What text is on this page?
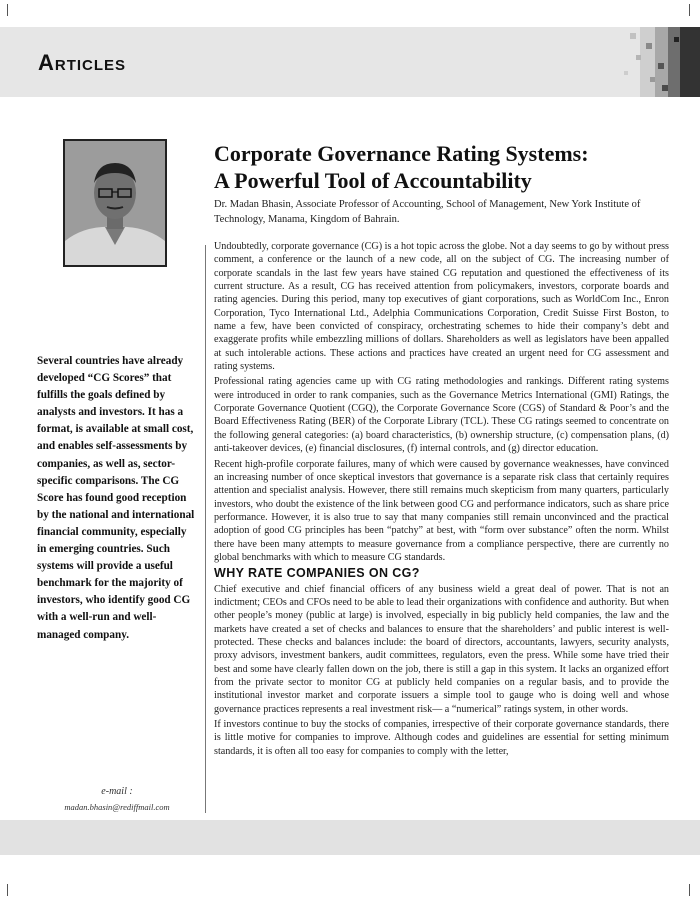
Articles
Several countries have already developed “CG Scores” that fulfills the goals defined by analysts and investors. It has a format, is available at small cost, and enables self-assessments by companies, as well as, sector-specific comparisons. The CG Score has found good reception by the national and international financial community, especially in emerging countries. Such systems will provide a useful benchmark for the majority of investors, who identify good CG with a well-run and well-managed company.
e-mail :
madan.bhasin@rediffmail.com
Corporate Governance Rating Systems:
A Powerful Tool of Accountability

Dr. Madan Bhasin, Associate Professor of Accounting, School of Management, New York Institute of Technology, Manama, Kingdom of Bahrain.

Undoubtedly, corporate governance (CG) is a hot topic across the globe. Not a day seems to go by without press comment, a conference or the launch of a new code, all on the subject of CG. The increasing number of corporate scandals in the last few years have stained CG reputation and questioned the effectiveness of its current structure. As a result, CG has received attention from policymakers, investors, corporate boards and rating agencies. During this period, many top executives of giant corporations, such as WorldCom Inc., Enron Corporation, Tyco International Ltd., Adelphia Communications Corporation, Credit Suisse First Boston, to name a few, have been convicted of conspiracy, orchestrating schemes to hide their company’s debt and exaggerate profits while embezzling millions of dollars. Shareholders as well as legislators have been appalled at such intolerable actions. These actions and practices have created an urgent need for CG assessment and rating systems.

Professional rating agencies came up with CG rating methodologies and rankings. Different rating systems were introduced in order to rank companies, such as the Governance Metrics International (GMI) Ratings, the Corporate Governance Quotient (CGQ), the Corporate Governance Score (CGS) of Standard & Poor’s and the Board Effectiveness Rating (BER) of the Corporate Library (TCL). These CG ratings seemed to concentrate on the following general categories: (a) board characteristics, (b) ownership structure, (c) compensation plans, (d) anti-takeover devices, (e) financial disclosures, (f) internal controls, and (g) director education.

Recent high-profile corporate failures, many of which were caused by governance weaknesses, have convinced an increasing number of once skeptical investors that governance is a separate risk class that certainly requires attention and specialist analysis. However, there still remains much skepticism from many quarters, particularly investors, who doubt the existence of the link between good CG and performance indicators, such as share price performance. However, it is also true to say that many companies still remain unconvinced and the practical adoption of good CG principles has been “patchy” at best, with “form over substance” often the norm. Whilst there have been many attempts to measure governance from a compliance perspective, there are currently no global benchmarks with which to measure CG standards.

WHY RATE COMPANIES ON CG?

Chief executive and chief financial officers of any business wield a great deal of power. That is not an indictment; CEOs and CFOs need to be able to lead their organizations with confidence and authority. But when other people’s money (public at large) is involved, especially in big publicly held companies, the law and the markets have created a set of checks and balances to ensure that the shareholders’ and public interest is well-protected. These checks and balances include: the board of directors, accountants, lawyers, security analysts, proxy advisors, investment bankers, audit committees, regulators, even the press. While some have tried their best and some have clearly fallen down on the job, there is still a gap in this system. It lacks an organized effort from the private sector to monitor CG at publicly held companies on a regular basis, and to provide the institutional investor market and corporate issuers a simple tool to gauge who is doing well and whose governance practices represents a real investment risk— a “numerical” ratings system, in other words.

If investors continue to buy the stocks of companies, irrespective of their corporate governance standards, there is little motive for companies to improve. Although codes and guidelines are essential for setting minimum standards, it is often all too easy for companies to comply with the letter,
